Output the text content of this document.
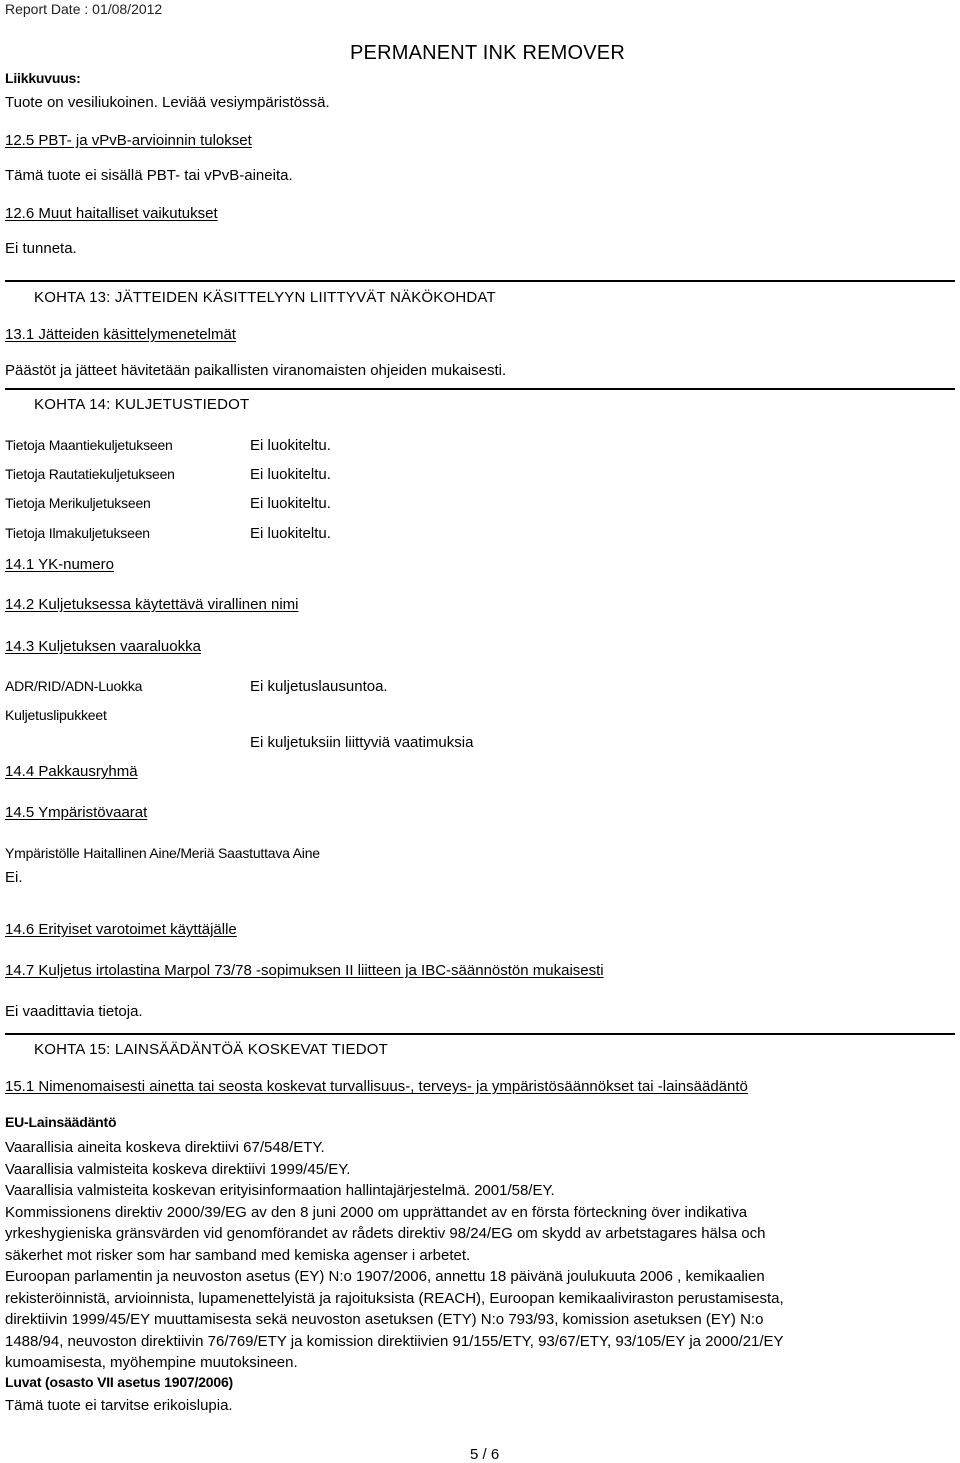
Report Date : 01/08/2012
PERMANENT INK REMOVER
Liikkuvuus:
Tuote on vesiliukoinen. Leviää vesiympäristössä.
12.5 PBT- ja vPvB-arvioinnin tulokset
Tämä tuote ei sisällä PBT- tai vPvB-aineita.
12.6 Muut haitalliset vaikutukset
Ei tunneta.
KOHTA 13: JÄTTEIDEN KÄSITTELYYN LIITTYVÄT NÄKÖKOHDAT
13.1 Jätteiden käsittelymenetelmät
Päästöt ja jätteet hävitetään paikallisten viranomaisten ohjeiden mukaisesti.
KOHTA 14: KULJETUSTIEDOT
Tietoja Maantiekuljetukseen	Ei luokiteltu.
Tietoja Rautatiekuljetukseen	Ei luokiteltu.
Tietoja Merikuljetukseen	Ei luokiteltu.
Tietoja Ilmakuljetukseen	Ei luokiteltu.
14.1 YK-numero
14.2 Kuljetuksessa käytettävä virallinen nimi
14.3 Kuljetuksen vaaraluokka
ADR/RID/ADN-Luokka	Ei kuljetuslausuntoa.
Kuljetuslipukkeet
Ei kuljetuksiin liittyviä vaatimuksia
14.4 Pakkausryhmä
14.5 Ympäristövaarat
Ympäristölle Haitallinen Aine/Meriä Saastuttava Aine
Ei.
14.6 Erityiset varotoimet käyttäjälle
14.7 Kuljetus irtolastina Marpol 73/78 -sopimuksen II liitteen ja IBC-säännöstön mukaisesti
Ei vaadittavia tietoja.
KOHTA 15: LAINSÄÄDÄNTÖÄ KOSKEVAT TIEDOT
15.1 Nimenomaisesti ainetta tai seosta koskevat turvallisuus-, terveys- ja ympäristösäännökset tai -lainsäädäntö
EU-Lainsäädäntö
Vaarallisia aineita koskeva direktiivi 67/548/ETY.
Vaarallisia valmisteita koskeva direktiivi 1999/45/EY.
Vaarallisia valmisteita koskevan erityisinformaation hallintajärjestelmä. 2001/58/EY.
Kommissionens direktiv 2000/39/EG av den 8 juni 2000 om upprättandet av en första förteckning över indikativa
yrkeshygieniska gränsvärden vid genomförandet av rådets direktiv 98/24/EG om skydd av arbetstagares hälsa och
säkerhet mot risker som har samband med kemiska agenser i arbetet.
Euroopan parlamentin ja neuvoston asetus (EY) N:o 1907/2006, annettu 18 päivänä joulukuuta 2006 , kemikaalien
rekisteröinnistä, arvioinnista, lupamenettelyistä ja rajoituksista (REACH), Euroopan kemikaaliviraston perustamisesta,
direktiivin 1999/45/EY muuttamisesta sekä neuvoston asetuksen (ETY) N:o 793/93, komission asetuksen (EY) N:o
1488/94, neuvoston direktiivin 76/769/ETY ja komission direktiivien 91/155/ETY, 93/67/ETY, 93/105/EY ja 2000/21/EY
kumoamisesta, myöhempine muutoksineen.
Luvat (osasto VII asetus 1907/2006)
Tämä tuote ei tarvitse erikoislupia.
5 / 6
